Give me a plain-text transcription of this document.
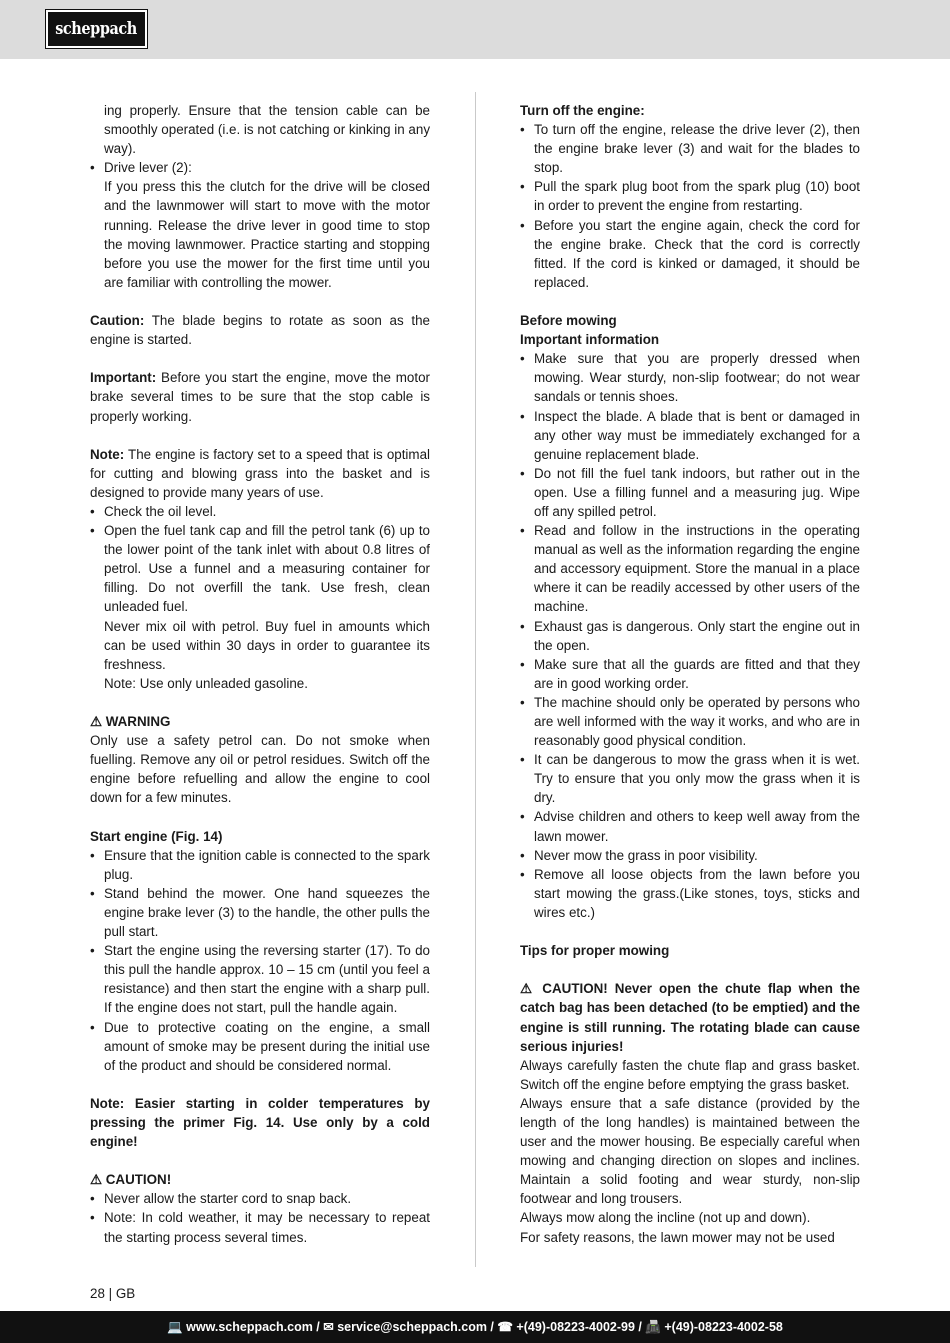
scheppach

ing properly. Ensure that the tension cable can be smoothly operated (i.e. is not catching or kinking in any way).

• Drive lever (2):

If you press this the clutch for the drive will be closed and the lawnmower will start to move with the motor running. Release the drive lever in good time to stop the moving lawnmower. Practice starting and stopping before you use the mower for the first time until you are familiar with controlling the mower.

Caution: The blade begins to rotate as soon as the engine is started.

Important: Before you start the engine, move the motor brake several times to be sure that the stop cable is properly working.

Note: The engine is factory set to a speed that is optimal for cutting and blowing grass into the basket and is designed to provide many years of use.

• Check the oil level.
• Open the fuel tank cap and fill the petrol tank (6) up to the lower point of the tank inlet with about 0.8 litres of petrol. Use a funnel and a measuring container for filling. Do not overfill the tank. Use fresh, clean unleaded fuel.

Never mix oil with petrol. Buy fuel in amounts which can be used within 30 days in order to guarantee its freshness.

Note: Use only unleaded gasoline.

⚠ WARNING

Only use a safety petrol can. Do not smoke when fuelling. Remove any oil or petrol residues. Switch off the engine before refuelling and allow the engine to cool down for a few minutes.

Start engine (Fig. 14)

• Ensure that the ignition cable is connected to the spark plug.
• Stand behind the mower. One hand squeezes the engine brake lever (3) to the handle, the other pulls the pull start.
• Start the engine using the reversing starter (17). To do this pull the handle approx. 10 – 15 cm (until you feel a resistance) and then start the engine with a sharp pull. If the engine does not start, pull the handle again.
• Due to protective coating on the engine, a small amount of smoke may be present during the initial use of the product and should be considered normal.

Note: Easier starting in colder temperatures by pressing the primer Fig. 14. Use only by a cold engine!

⚠ CAUTION!

• Never allow the starter cord to snap back.
• Note: In cold weather, it may be necessary to repeat the starting process several times.

Turn off the engine:

• To turn off the engine, release the drive lever (2), then the engine brake lever (3) and wait for the blades to stop.
• Pull the spark plug boot from the spark plug (10) boot in order to prevent the engine from restarting.
• Before you start the engine again, check the cord for the engine brake. Check that the cord is correctly fitted. If the cord is kinked or damaged, it should be replaced.

Before mowing

Important information

• Make sure that you are properly dressed when mowing. Wear sturdy, non-slip footwear; do not wear sandals or tennis shoes.
• Inspect the blade. A blade that is bent or damaged in any other way must be immediately exchanged for a genuine replacement blade.
• Do not fill the fuel tank indoors, but rather out in the open. Use a filling funnel and a measuring jug. Wipe off any spilled petrol.
• Read and follow in the instructions in the operating manual as well as the information regarding the engine and accessory equipment. Store the manual in a place where it can be readily accessed by other users of the machine.
• Exhaust gas is dangerous. Only start the engine out in the open.
• Make sure that all the guards are fitted and that they are in good working order.
• The machine should only be operated by persons who are well informed with the way it works, and who are in reasonably good physical condition.
• It can be dangerous to mow the grass when it is wet. Try to ensure that you only mow the grass when it is dry.
• Advise children and others to keep well away from the lawn mower.
• Never mow the grass in poor visibility.
• Remove all loose objects from the lawn before you start mowing the grass.(Like stones, toys, sticks and wires etc.)

Tips for proper mowing

⚠ CAUTION! Never open the chute flap when the catch bag has been detached (to be emptied) and the engine is still running. The rotating blade can cause serious injuries!

Always carefully fasten the chute flap and grass basket. Switch off the engine before emptying the grass basket.

Always ensure that a safe distance (provided by the length of the long handles) is maintained between the user and the mower housing. Be especially careful when mowing and changing direction on slopes and inclines. Maintain a solid footing and wear sturdy, non-slip footwear and long trousers.

Always mow along the incline (not up and down).

For safety reasons, the lawn mower may not be used

28 | GB
💻 www.scheppach.com / ✉ service@scheppach.com / ☎ +(49)-08223-4002-99 / 📠 +(49)-08223-4002-58
